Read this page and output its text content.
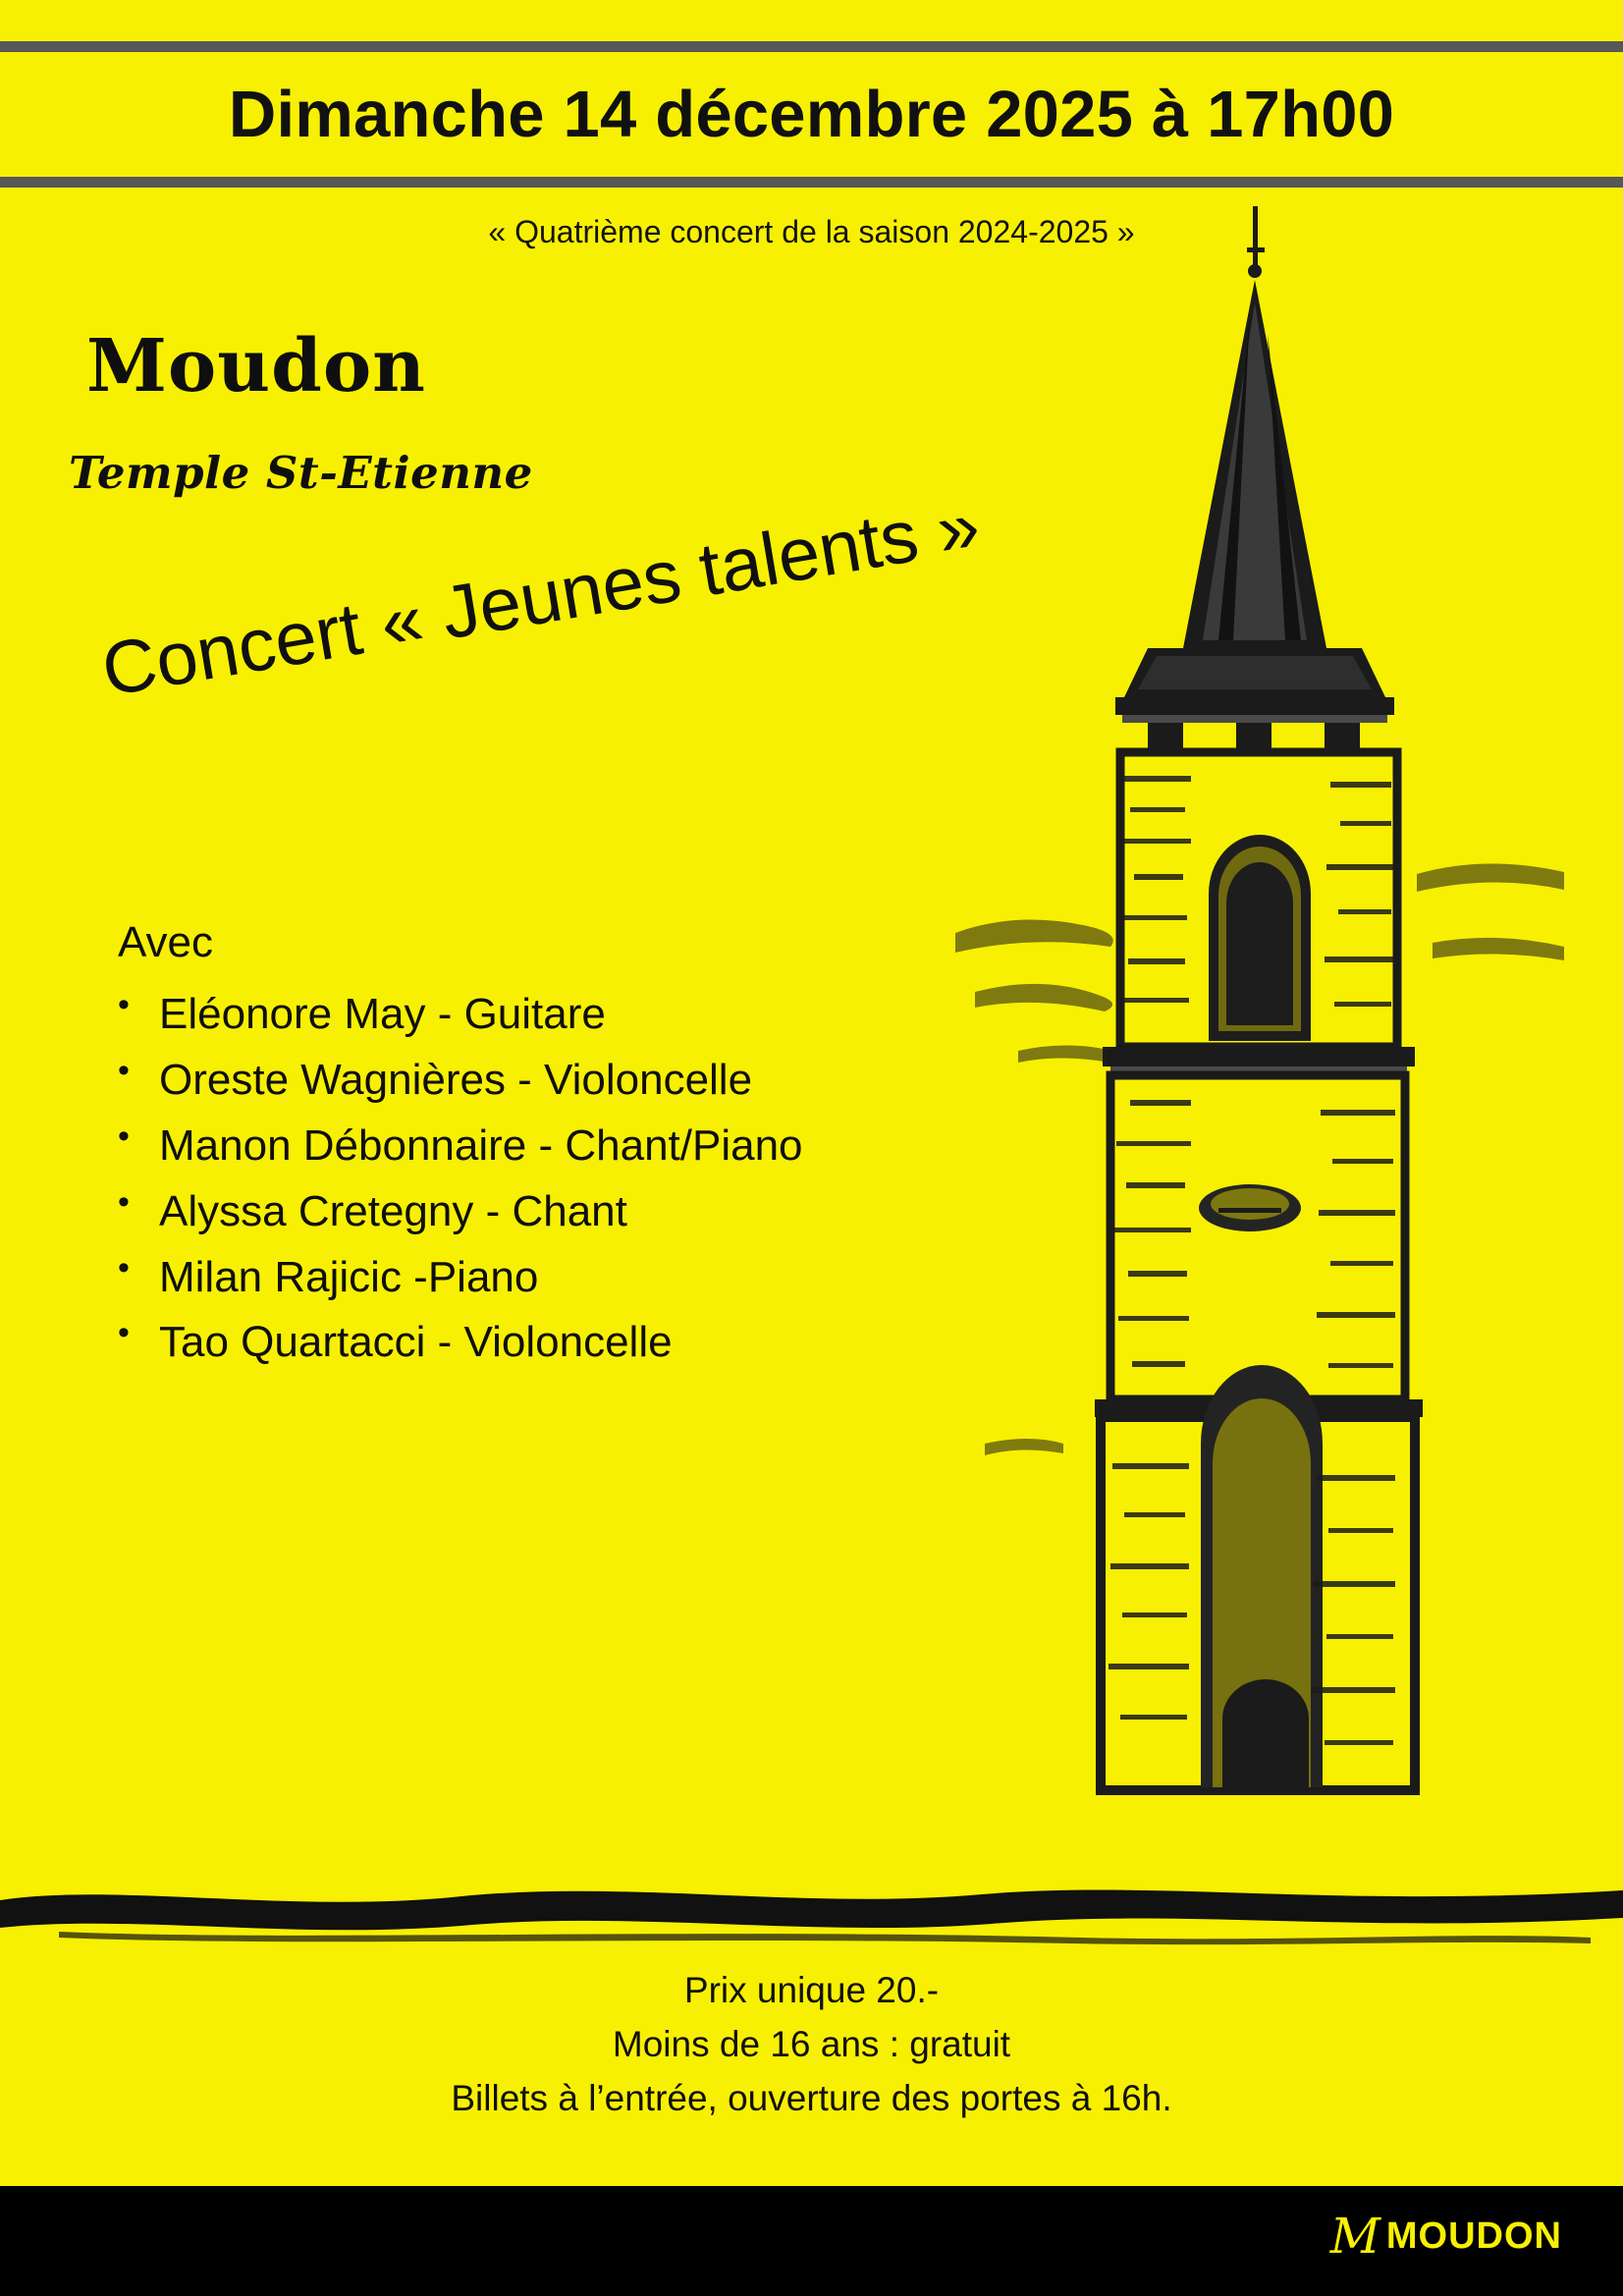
Dimanche 14 décembre 2025 à 17h00
« Quatrième concert de la saison 2024-2025 »
Moudon
Temple St-Etienne
Concert « Jeunes talents »
Avec
• Eléonore May - Guitare
• Oreste Wagnières - Violoncelle
• Manon Débonnaire - Chant/Piano
• Alyssa Cretegny - Chant
• Milan Rajicic -Piano
• Tao Quartacci - Violoncelle
Prix unique 20.-
Moins de 16 ans : gratuit
Billets à l’entrée, ouverture des portes à 16h.
M MOUDON
